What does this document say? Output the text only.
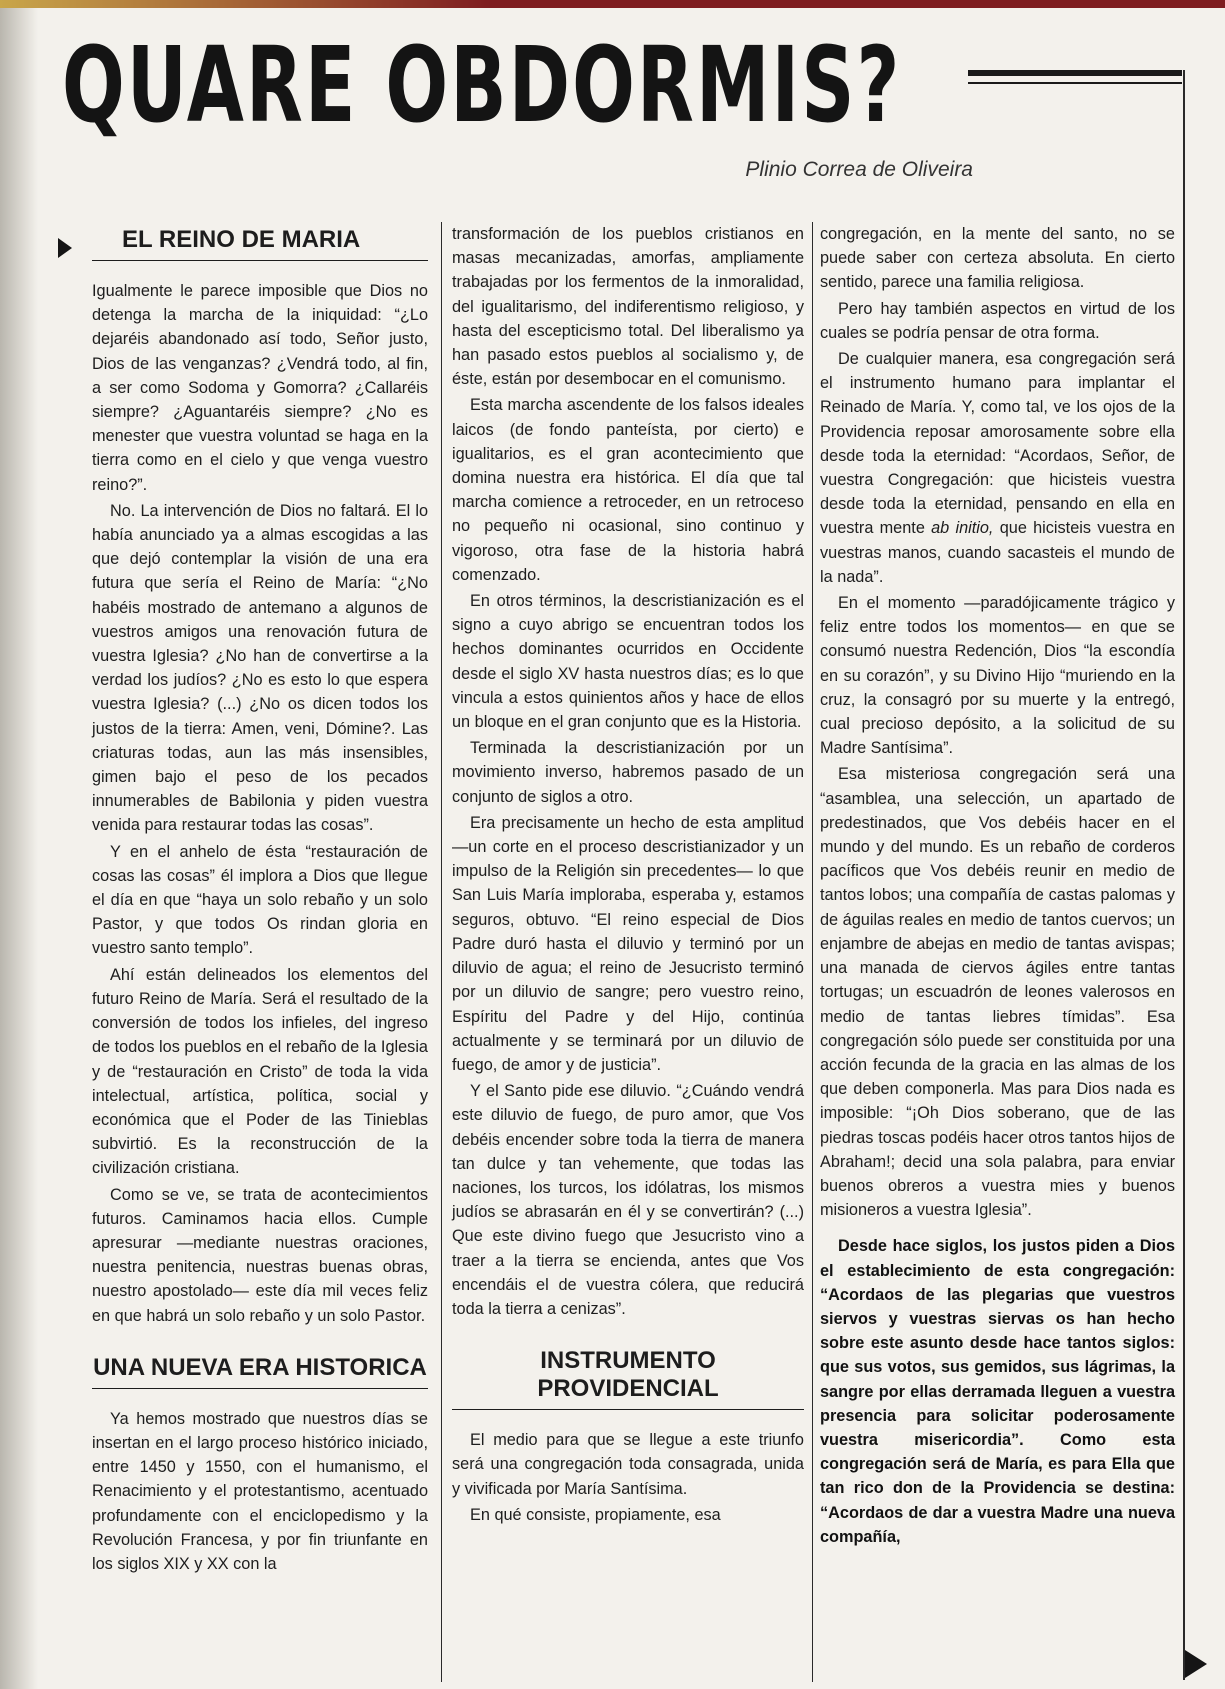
QUARE OBDORMIS?
Plinio Correa de Oliveira
EL REINO DE MARIA

Igualmente le parece imposible que Dios no detenga la marcha de la iniquidad: “¿Lo dejaréis abandonado así todo, Señor justo, Dios de las venganzas? ¿Vendrá todo, al fin, a ser como Sodoma y Gomorra? ¿Callaréis siempre? ¿Aguantaréis siempre? ¿No es menester que vuestra voluntad se haga en la tierra como en el cielo y que venga vuestro reino?”.

No. La intervención de Dios no faltará. El lo había anunciado ya a almas escogidas a las que dejó contemplar la visión de una era futura que sería el Reino de María: “¿No habéis mostrado de antemano a algunos de vuestros amigos una renovación futura de vuestra Iglesia? ¿No han de convertirse a la verdad los judíos? ¿No es esto lo que espera vuestra Iglesia? (...) ¿No os dicen todos los justos de la tierra: Amen, veni, Dómine?. Las criaturas todas, aun las más insensibles, gimen bajo el peso de los pecados innumerables de Babilonia y piden vuestra venida para restaurar todas las cosas”.

Y en el anhelo de ésta “restauración de cosas las cosas” él implora a Dios que llegue el día en que “haya un solo rebaño y un solo Pastor, y que todos Os rindan gloria en vuestro santo templo”.

Ahí están delineados los elementos del futuro Reino de María. Será el resultado de la conversión de todos los infieles, del ingreso de todos los pueblos en el rebaño de la Iglesia y de “restauración en Cristo” de toda la vida intelectual, artística, política, social y económica que el Poder de las Tinieblas subvirtió. Es la reconstrucción de la civilización cristiana.

Como se ve, se trata de acontecimientos futuros. Caminamos hacia ellos. Cumple apresurar —mediante nuestras oraciones, nuestra penitencia, nuestras buenas obras, nuestro apostolado— este día mil veces feliz en que habrá un solo rebaño y un solo Pastor.

UNA NUEVA ERA HISTORICA

Ya hemos mostrado que nuestros días se insertan en el largo proceso histórico iniciado, entre 1450 y 1550, con el humanismo, el Renacimiento y el protestantismo, acentuado profundamente con el enciclopedismo y la Revolución Francesa, y por fin triunfante en los siglos XIX y XX con la

transformación de los pueblos cristianos en masas mecanizadas, amorfas, ampliamente trabajadas por los fermentos de la inmoralidad, del igualitarismo, del indiferentismo religioso, y hasta del escepticismo total. Del liberalismo ya han pasado estos pueblos al socialismo y, de éste, están por desembocar en el comunismo.

Esta marcha ascendente de los falsos ideales laicos (de fondo panteísta, por cierto) e igualitarios, es el gran acontecimiento que domina nuestra era histórica. El día que tal marcha comience a retroceder, en un retroceso no pequeño ni ocasional, sino continuo y vigoroso, otra fase de la historia habrá comenzado.

En otros términos, la descristianización es el signo a cuyo abrigo se encuentran todos los hechos dominantes ocurridos en Occidente desde el siglo XV hasta nuestros días; es lo que vincula a estos quinientos años y hace de ellos un bloque en el gran conjunto que es la Historia.

Terminada la descristianización por un movimiento inverso, habremos pasado de un conjunto de siglos a otro.

Era precisamente un hecho de esta amplitud —un corte en el proceso descristianizador y un impulso de la Religión sin precedentes— lo que San Luis María imploraba, esperaba y, estamos seguros, obtuvo. “El reino especial de Dios Padre duró hasta el diluvio y terminó por un diluvio de agua; el reino de Jesucristo terminó por un diluvio de sangre; pero vuestro reino, Espíritu del Padre y del Hijo, continúa actualmente y se terminará por un diluvio de fuego, de amor y de justicia”.

Y el Santo pide ese diluvio. “¿Cuándo vendrá este diluvio de fuego, de puro amor, que Vos debéis encender sobre toda la tierra de manera tan dulce y tan vehemente, que todas las naciones, los turcos, los idólatras, los mismos judíos se abrasarán en él y se convertirán? (...) Que este divino fuego que Jesucristo vino a traer a la tierra se encienda, antes que Vos encendáis el de vuestra cólera, que reducirá toda la tierra a cenizas”.

INSTRUMENTO PROVIDENCIAL

El medio para que se llegue a este triunfo será una congregación toda consagrada, unida y vivificada por María Santísima.

En qué consiste, propiamente, esa

congregación, en la mente del santo, no se puede saber con certeza absoluta. En cierto sentido, parece una familia religiosa.

Pero hay también aspectos en virtud de los cuales se podría pensar de otra forma.

De cualquier manera, esa congregación será el instrumento humano para implantar el Reinado de María. Y, como tal, ve los ojos de la Providencia reposar amorosamente sobre ella desde toda la eternidad: “Acordaos, Señor, de vuestra Congregación: que hicisteis vuestra desde toda la eternidad, pensando en ella en vuestra mente ab initio, que hicisteis vuestra en vuestras manos, cuando sacasteis el mundo de la nada”.

En el momento —paradójicamente trágico y feliz entre todos los momentos— en que se consumó nuestra Redención, Dios “la escondía en su corazón”, y su Divino Hijo “muriendo en la cruz, la consagró por su muerte y la entregó, cual precioso depósito, a la solicitud de su Madre Santísima”.

Esa misteriosa congregación será una “asamblea, una selección, un apartado de predestinados, que Vos debéis hacer en el mundo y del mundo. Es un rebaño de corderos pacíficos que Vos debéis reunir en medio de tantos lobos; una compañía de castas palomas y de águilas reales en medio de tantos cuervos; un enjambre de abejas en medio de tantas avispas; una manada de ciervos ágiles entre tantas tortugas; un escuadrón de leones valerosos en medio de tantas liebres tímidas”. Esa congregación sólo puede ser constituida por una acción fecunda de la gracia en las almas de los que deben componerla. Mas para Dios nada es imposible: “¡Oh Dios soberano, que de las piedras toscas podéis hacer otros tantos hijos de Abraham!; decid una sola palabra, para enviar buenos obreros a vuestra mies y buenos misioneros a vuestra Iglesia”.

Desde hace siglos, los justos piden a Dios el establecimiento de esta congregación: “Acordaos de las plegarias que vuestros siervos y vuestras siervas os han hecho sobre este asunto desde hace tantos siglos: que sus votos, sus gemidos, sus lágrimas, la sangre por ellas derramada lleguen a vuestra presencia para solicitar poderosamente vuestra misericordia”. Como esta congregación será de María, es para Ella que tan rico don de la Providencia se destina: “Acordaos de dar a vuestra Madre una nueva compañía,
